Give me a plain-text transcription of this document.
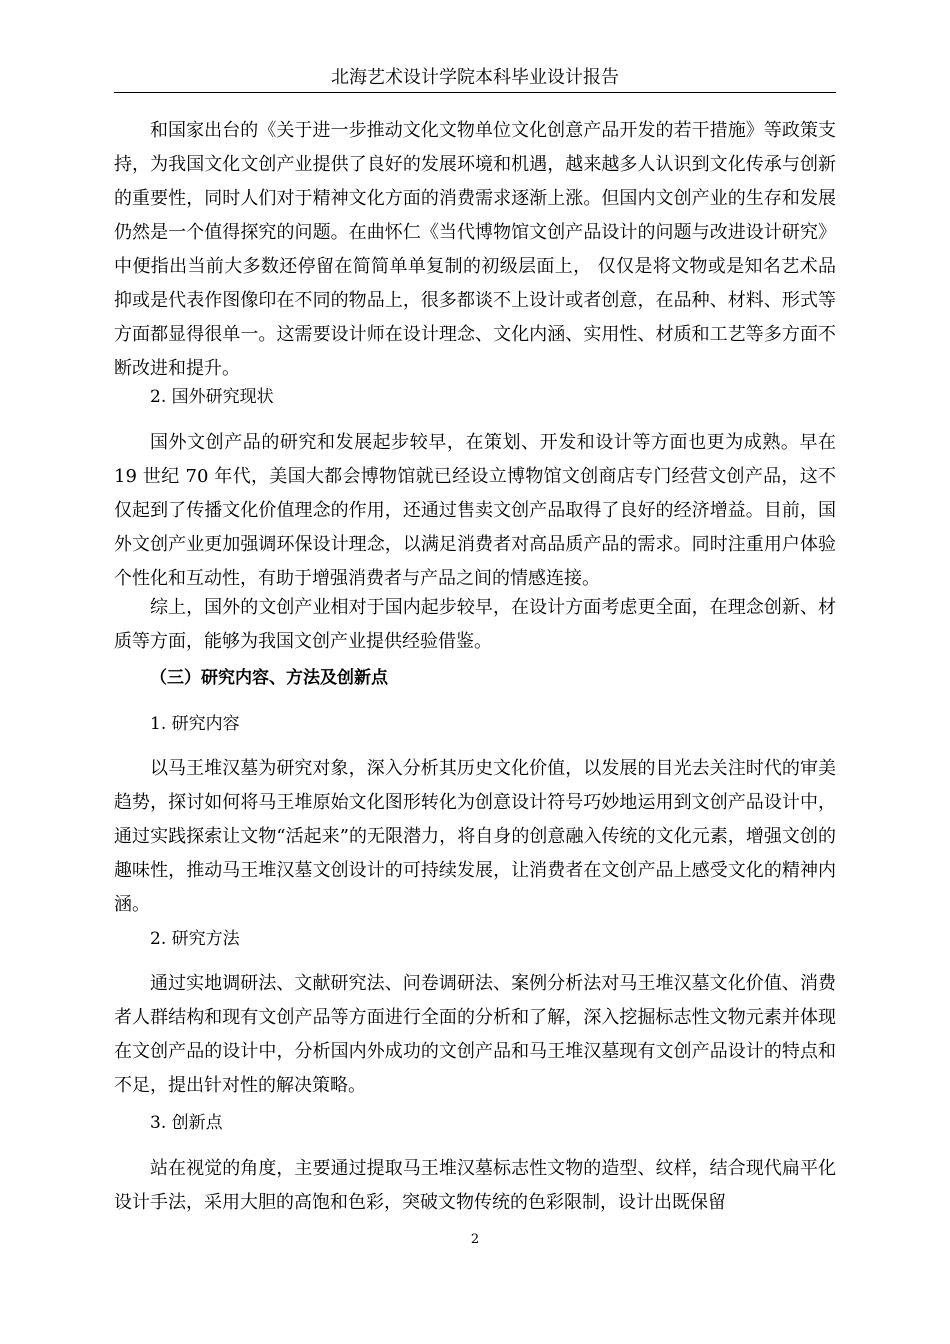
北海艺术设计学院本科毕业设计报告
和国家出台的《关于进一步推动文化文物单位文化创意产品开发的若干措施》等政策支持，为我国文化文创产业提供了良好的发展环境和机遇，越来越多人认识到文化传承与创新的重要性，同时人们对于精神文化方面的消费需求逐渐上涨。但国内文创产业的生存和发展仍然是一个值得探究的问题。在曲怀仁《当代博物馆文创产品设计的问题与改进设计研究》中便指出当前大多数还停留在简简单单复制的初级层面上， 仅仅是将文物或是知名艺术品抑或是代表作图像印在不同的物品上，很多都谈不上设计或者创意，在品种、材料、形式等方面都显得很单一。这需要设计师在设计理念、文化内涵、实用性、材质和工艺等多方面不断改进和提升。
2. 国外研究现状
国外文创产品的研究和发展起步较早，在策划、开发和设计等方面也更为成熟。早在 19 世纪 70 年代，美国大都会博物馆就已经设立博物馆文创商店专门经营文创产品，这不仅起到了传播文化价值理念的作用，还通过售卖文创产品取得了良好的经济增益。目前，国外文创产业更加强调环保设计理念，以满足消费者对高品质产品的需求。同时注重用户体验个性化和互动性，有助于增强消费者与产品之间的情感连接。
综上，国外的文创产业相对于国内起步较早，在设计方面考虑更全面，在理念创新、材质等方面，能够为我国文创产业提供经验借鉴。
（三）研究内容、方法及创新点
1. 研究内容
以马王堆汉墓为研究对象，深入分析其历史文化价值，以发展的目光去关注时代的审美趋势，探讨如何将马王堆原始文化图形转化为创意设计符号巧妙地运用到文创产品设计中，通过实践探索让文物“活起来”的无限潜力，将自身的创意融入传统的文化元素，增强文创的趣味性，推动马王堆汉墓文创设计的可持续发展，让消费者在文创产品上感受文化的精神内涵。
2. 研究方法
通过实地调研法、文献研究法、问卷调研法、案例分析法对马王堆汉墓文化价值、消费者人群结构和现有文创产品等方面进行全面的分析和了解，深入挖掘标志性文物元素并体现在文创产品的设计中，分析国内外成功的文创产品和马王堆汉墓现有文创产品设计的特点和不足，提出针对性的解决策略。
3. 创新点
站在视觉的角度，主要通过提取马王堆汉墓标志性文物的造型、纹样，结合现代扁平化设计手法，采用大胆的高饱和色彩，突破文物传统的色彩限制，设计出既保留
2
